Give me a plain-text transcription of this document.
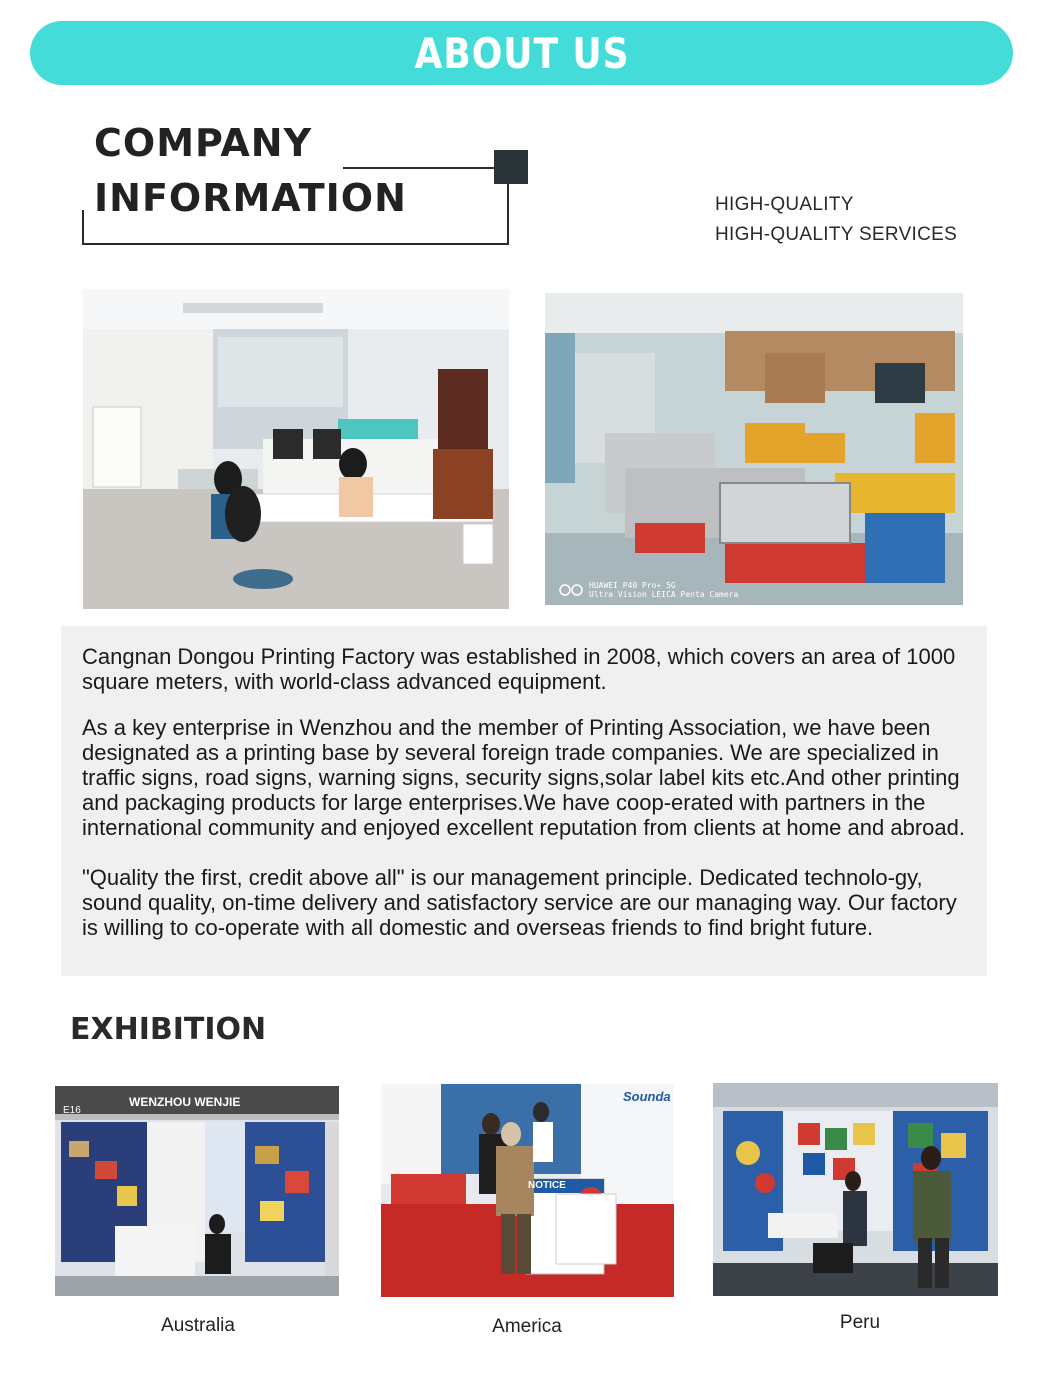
ABOUT US
COMPANY
INFORMATION	HIGH-QUALITY
HIGH-QUALITY SERVICES
HUAWEI P40 Pro+ 5G
Ultra Vision LEICA Penta Camera

Cangnan Dongou Printing Factory was established in 2008, which covers an area of 1000 square meters, with world-class advanced equipment.

As a key enterprise in Wenzhou and the member of Printing Association, we have been designated as a printing base by several foreign trade companies. We are specialized in traffic signs, road signs, warning signs, security signs,solar label kits etc.And other printing and packaging products for large enterprises.We have coop-erated with partners in the international community and enjoyed excellent reputation from clients at home and abroad.

"Quality the first, credit above all" is our management principle. Dedicated technolo-gy, sound quality, on-time delivery and satisfactory service are our managing way. Our factory is willing to co-operate with all domestic and overseas friends to find bright future.

EXHIBITION
WENZHOU WENJIE
E16
Australia
NOTICE
Sounda
America	Peru
